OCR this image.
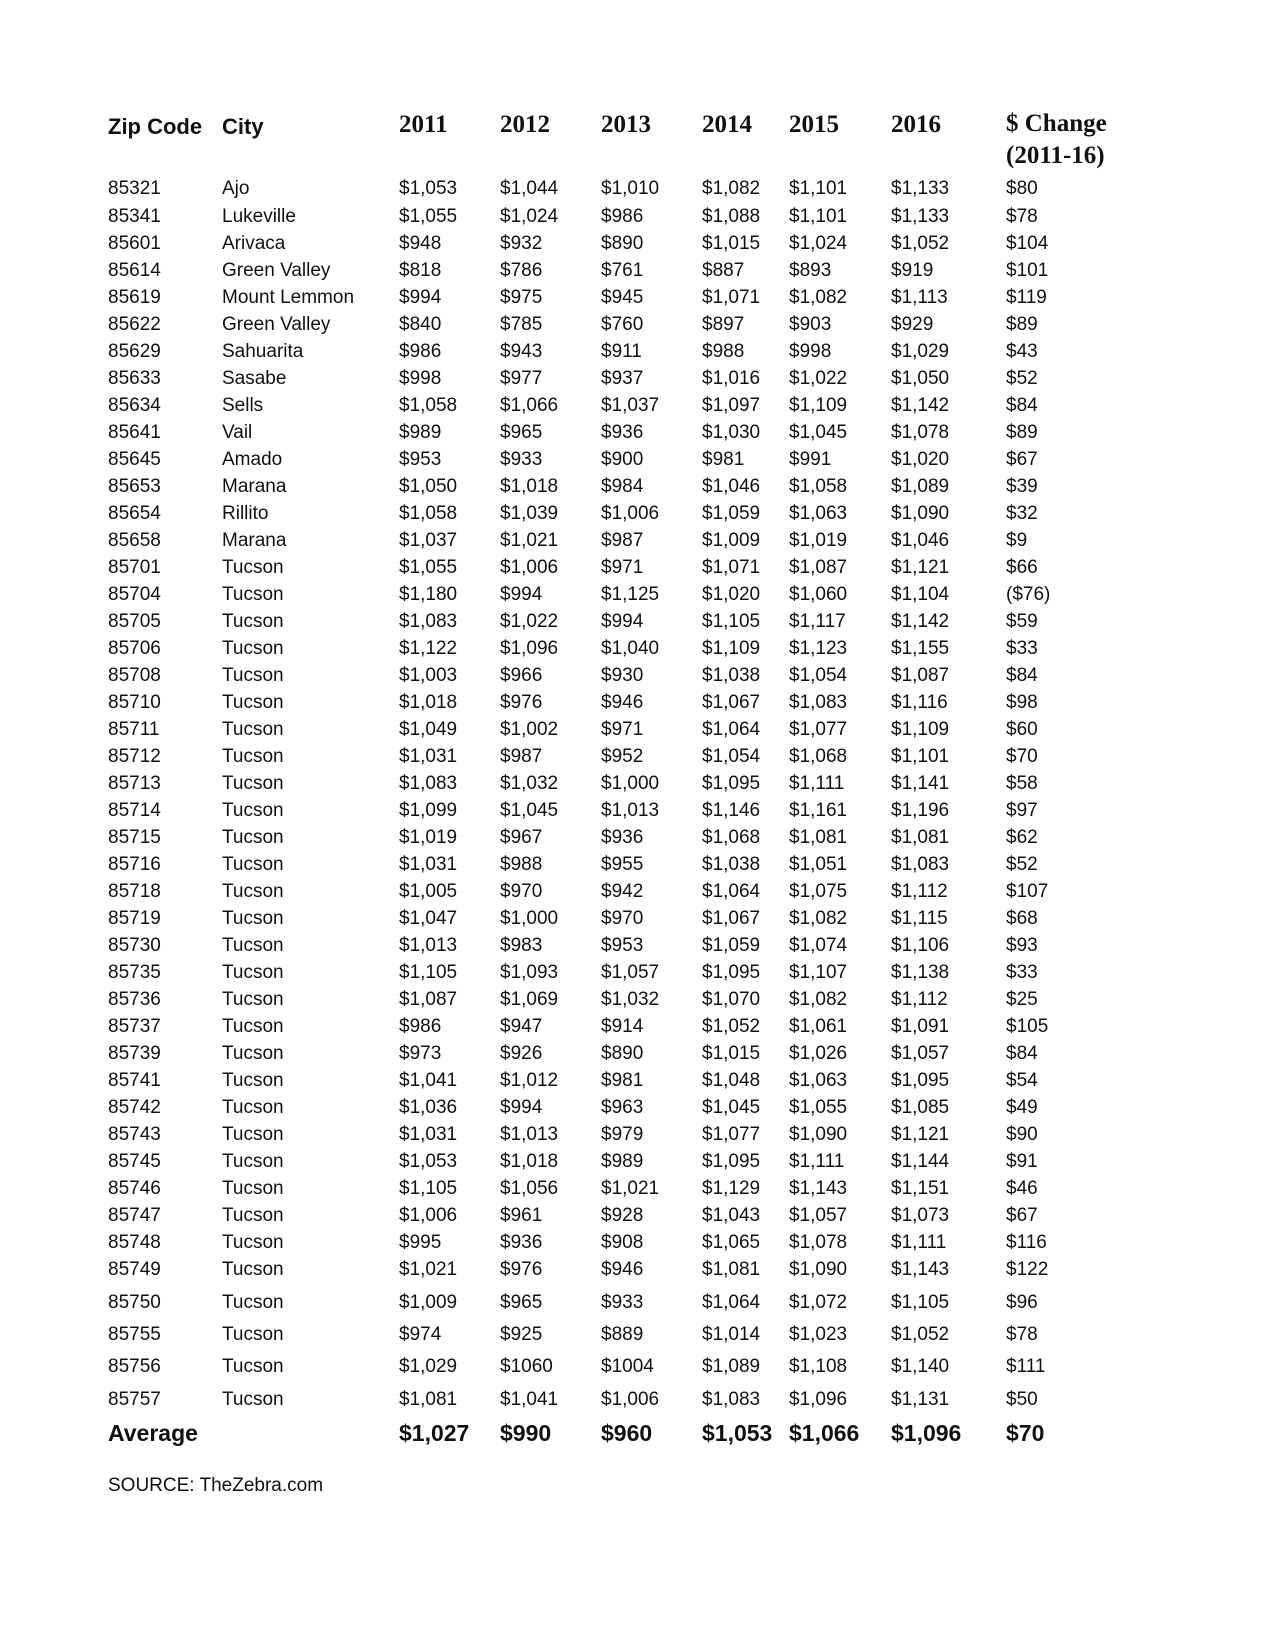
Zip Code City	2011 2012 2013 2014 2015 2016	$ Change
(2011-16)
85321	Ajo	$1,053 $1,044 $1,010 $1,082 $1,101 $1,133	$80
85341	Lukeville	$1,055 $1,024 $986	$1,088 $1,101 $1,133	$78
85601	Arivaca	$948	$932	$890	$1,015 $1,024 $1,052	$104
85614	Green Valley	$818	$786	$761	$887 $893	$919	$101
85619	Mount Lemmon $994	$975	$945	$1,071 $1,082 $1,113	$119
85622	Green Valley	$840	$785	$760	$897 $903	$929	$89
85629	Sahuarita	$986	$943	$911	$988 $998	$1,029	$43
85633	Sasabe	$998	$977	$937	$1,016 $1,022 $1,050	$52
85634	Sells	$1,058 $1,066 $1,037 $1,097 $1,109 $1,142	$84
85641	Vail	$989	$965	$936	$1,030 $1,045 $1,078	$89
85645	Amado	$953	$933	$900	$981 $991	$1,020	$67
85653	Marana	$1,050 $1,018 $984	$1,046 $1,058 $1,089	$39
85654	Rillito	$1,058 $1,039 $1,006 $1,059 $1,063 $1,090	$32
85658	Marana	$1,037 $1,021 $987	$1,009 $1,019 $1,046	$9
85701	Tucson	$1,055 $1,006 $971	$1,071 $1,087 $1,121	$66
85704	Tucson	$1,180 $994	$1,125 $1,020 $1,060 $1,104	($76)
85705	Tucson	$1,083 $1,022 $994	$1,105 $1,117 $1,142	$59
85706	Tucson	$1,122 $1,096 $1,040 $1,109 $1,123 $1,155	$33
85708	Tucson	$1,003 $966	$930	$1,038 $1,054 $1,087	$84
85710	Tucson	$1,018 $976	$946	$1,067 $1,083 $1,116	$98
85711	Tucson	$1,049 $1,002 $971	$1,064 $1,077 $1,109	$60
85712	Tucson	$1,031 $987	$952	$1,054 $1,068 $1,101	$70
85713	Tucson	$1,083 $1,032 $1,000 $1,095 $1,111 $1,141	$58
85714	Tucson	$1,099 $1,045 $1,013 $1,146 $1,161 $1,196	$97
85715	Tucson	$1,019 $967	$936	$1,068 $1,081 $1,081	$62
85716	Tucson	$1,031 $988	$955	$1,038 $1,051 $1,083	$52
85718	Tucson	$1,005 $970	$942	$1,064 $1,075 $1,112	$107
85719	Tucson	$1,047 $1,000 $970	$1,067 $1,082 $1,115	$68
85730	Tucson	$1,013 $983	$953	$1,059 $1,074 $1,106	$93
85735	Tucson	$1,105 $1,093 $1,057 $1,095 $1,107 $1,138	$33
85736	Tucson	$1,087 $1,069 $1,032 $1,070 $1,082 $1,112	$25
85737	Tucson	$986	$947	$914	$1,052 $1,061 $1,091	$105
85739	Tucson	$973	$926	$890	$1,015 $1,026 $1,057	$84
85741	Tucson	$1,041 $1,012 $981	$1,048 $1,063 $1,095	$54
85742	Tucson	$1,036 $994	$963	$1,045 $1,055 $1,085	$49
85743	Tucson	$1,031 $1,013 $979	$1,077 $1,090 $1,121	$90
85745	Tucson	$1,053 $1,018 $989	$1,095 $1,111 $1,144	$91
85746	Tucson	$1,105 $1,056 $1,021 $1,129 $1,143 $1,151	$46
85747	Tucson	$1,006 $961	$928	$1,043 $1,057 $1,073	$67
85748	Tucson	$995	$936	$908	$1,065 $1,078 $1,111	$116
85749	Tucson	$1,021 $976	$946	$1,081 $1,090 $1,143	$122
85750	Tucson	$1,009 $965	$933	$1,064 $1,072 $1,105	$96
85755	Tucson	$974	$925	$889	$1,014 $1,023 $1,052	$78
85756	Tucson	$1,029 $1060	$1004	$1,089 $1,108 $1,140	$111
85757	Tucson	$1,081 $1,041 $1,006 $1,083 $1,096 $1,131	$50
Average	$1,027 $990 $960 $1,053 $1,066 $1,096 $70
SOURCE: TheZebra.com
